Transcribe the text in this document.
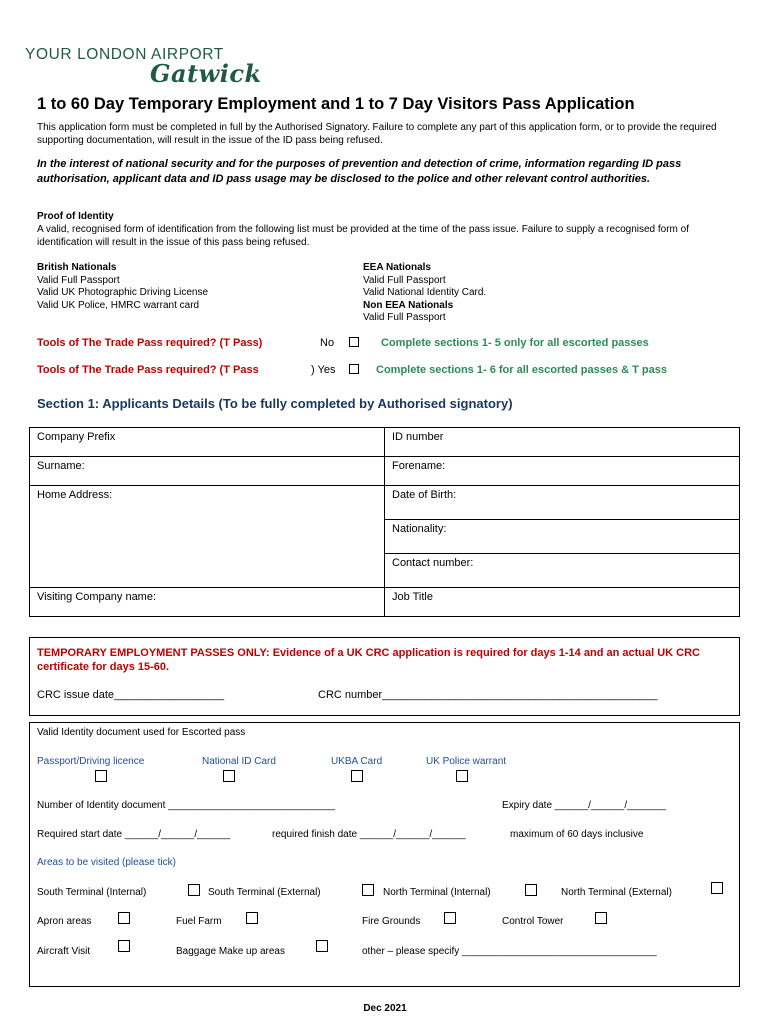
YOUR LONDON AIRPORT
Gatwick
1 to 60 Day Temporary Employment and 1 to 7 Day Visitors Pass Application
This application form must be completed in full by the Authorised Signatory. Failure to complete any part of this application form, or to provide the required supporting documentation, will result in the issue of the ID pass being refused.
In the interest of national security and for the purposes of prevention and detection of crime, information regarding ID pass authorisation, applicant data and ID pass usage may be disclosed to the police and other relevant control authorities.
Proof of Identity
A valid, recognised form of identification from the following list must be provided at the time of the pass issue. Failure to supply a recognised form of identification will result in the issue of this pass being refused.
British Nationals
Valid Full Passport
Valid UK Photographic Driving License
Valid UK Police, HMRC warrant card
EEA Nationals
Valid Full Passport
Valid National Identity Card.
Non EEA Nationals
Valid Full Passport
Tools of The Trade Pass required? (T Pass)	No	Complete sections 1- 5 only for all escorted passes
Tools of The Trade Pass required? (T Pass	) Yes	Complete sections 1- 6 for all escorted passes & T pass
Section 1: Applicants Details (To be fully completed by Authorised signatory)
Company Prefix	ID number
Surname:	Forename:
Home Address:	Date of Birth:
	Nationality:
	Contact number:
Visiting Company name:	Job Title
TEMPORARY EMPLOYMENT PASSES ONLY: Evidence of a UK CRC application is required for days 1-14 and an actual UK CRC certificate for days 15-60.
CRC issue date__________________	CRC number_____________________________________________
Valid Identity document used for Escorted pass
Passport/Driving licence	National ID Card	UKBA Card	UK Police warrant
Number of Identity document ______________________________	Expiry date ______/______/_______
Required start date ______/______/______	required finish date ______/______/______	maximum of 60 days inclusive
Areas to be visited (please tick)
South Terminal (Internal)	South Terminal (External)	North Terminal (Internal)	North Terminal (External)
Apron areas	Fuel Farm	Fire Grounds	Control Tower
Aircraft Visit	Baggage Make up areas	other – please specify ___________________________________
Dec 2021
